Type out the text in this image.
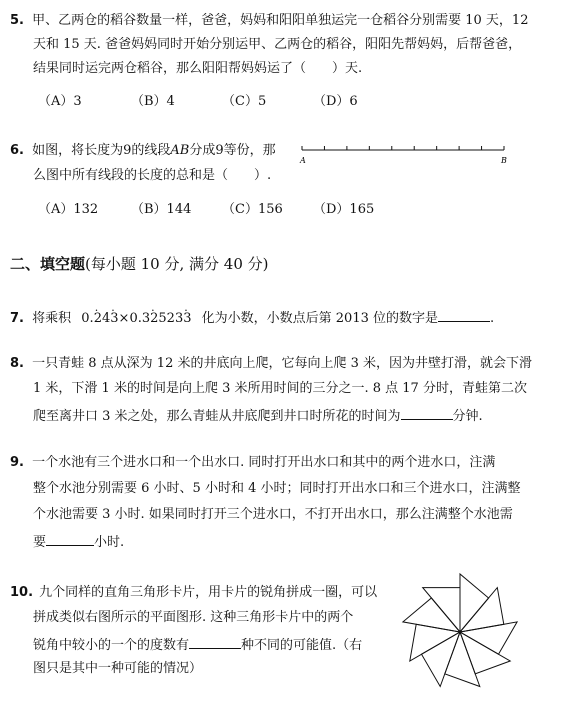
5. 甲、乙两仓的稻谷数量一样，爸爸，妈妈和阳阳单独运完一仓稻谷分别需要 10 天，12
天和 15 天. 爸爸妈妈同时开始分别运甲、乙两仓的稻谷，阳阳先帮妈妈，后帮爸爸，
结果同时运完两仓稻谷，那么阳阳帮妈妈运了（　　）天.
（A）3	（B）4	（C）5	（D）6
6. 如图，将长度为9的线段AB分成9等份，那
么图中所有线段的长度的总和是（　　）.
（A）132	（B）144 （C）156 （D）165
A	B
二、填空题(每小题 10 分, 满分 40 分)
7. 将乘积 0.· 24· 3×0.3· 2523· 3 化为小数，小数点后第 2013 位的数字是	.
8. 一只青蛙 8 点从深为 12 米的井底向上爬，它每向上爬 3 米，因为井壁打滑，就会下滑
1 米，下滑 1 米的时间是向上爬 3 米所用时间的三分之一. 8 点 17 分时，青蛙第二次
爬至离井口 3 米之处，那么青蛙从井底爬到井口时所花的时间为	分钟.
9. 一个水池有三个进水口和一个出水口. 同时打开出水口和其中的两个进水口，注满
整个水池分别需要 6 小时、5 小时和 4 小时；同时打开出水口和三个进水口，注满整
个水池需要 3 小时. 如果同时打开三个进水口，不打开出水口，那么注满整个水池需
要	小时.
10. 九个同样的直角三角形卡片，用卡片的锐角拼成一圈，可以
拼成类似右图所示的平面图形. 这种三角形卡片中的两个
锐角中较小的一个的度数有	种不同的可能值.（右
图只是其中一种可能的情况）
